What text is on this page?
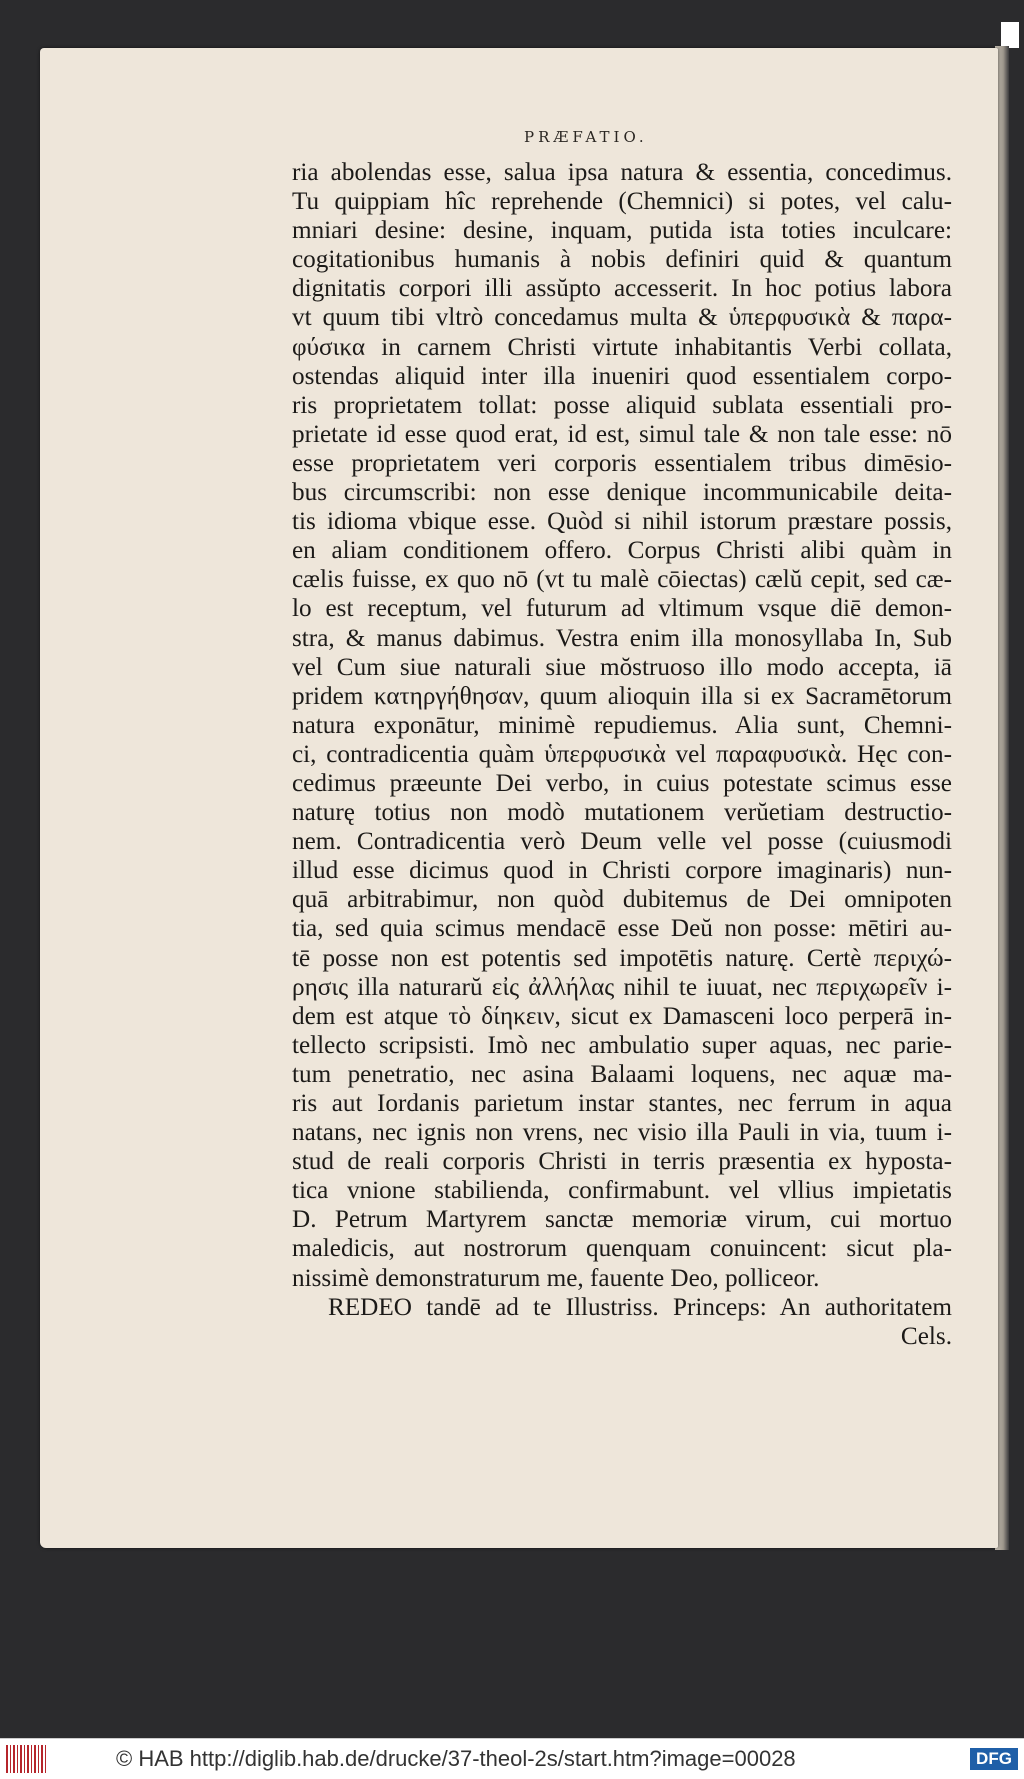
PRÆFATIO.
ria abolendas esse, salua ipsa natura & essentia, concedimus.
Tu quippiam hîc reprehende (Chemnici) si potes, vel calu-
mniari desine: desine, inquam, putida ista toties inculcare:
cogitationibus humanis à nobis definiri quid & quantum
dignitatis corpori illi assŭpto accesserit. In hoc potius labora
vt quum tibi vltrò concedamus multa & ὑπερφυσικὰ & παρα-
φύσικα in carnem Christi virtute inhabitantis Verbi collata,
ostendas aliquid inter illa inueniri quod essentialem corpo-
ris proprietatem tollat: posse aliquid sublata essentiali pro-
prietate id esse quod erat, id est, simul tale & non tale esse: nō
esse proprietatem veri corporis essentialem tribus dimēsio-
bus circumscribi: non esse denique incommunicabile deita-
tis idioma vbique esse. Quòd si nihil istorum præstare possis,
en aliam conditionem offero. Corpus Christi alibi quàm in
cælis fuisse, ex quo nō (vt tu malè cōiectas) cælŭ cepit, sed cæ-
lo est receptum, vel futurum ad vltimum vsque diē demon-
stra, & manus dabimus. Vestra enim illa monosyllaba In, Sub
vel Cum siue naturali siue mŏstruoso illo modo accepta, iā
pridem κατηργήθησαν, quum alioquin illa si ex Sacramētorum
natura exponātur, minimè repudiemus. Alia sunt, Chemni-
ci, contradicentia quàm ὑπερφυσικὰ vel παραφυσικὰ. Hęc con-
cedimus præeunte Dei verbo, in cuius potestate scimus esse
naturę totius non modò mutationem verŭetiam destructio-
nem. Contradicentia verò Deum velle vel posse (cuiusmodi
illud esse dicimus quod in Christi corpore imaginaris) nun-
quā arbitrabimur, non quòd dubitemus de Dei omnipoten
tia, sed quia scimus mendacē esse Deŭ non posse: mētiri au-
tē posse non est potentis sed impotētis naturę. Certè περιχώ-
ρησις illa naturarŭ εἰς ἀλλήλας nihil te iuuat, nec περιχωρεῖν i-
dem est atque τὸ δίηκειν, sicut ex Damasceni loco perperā in-
tellecto scripsisti. Imò nec ambulatio super aquas, nec parie-
tum penetratio, nec asina Balaami loquens, nec aquæ ma-
ris aut Iordanis parietum instar stantes, nec ferrum in aqua
natans, nec ignis non vrens, nec visio illa Pauli in via, tuum i-
stud de reali corporis Christi in terris præsentia ex hyposta-
tica vnione stabilienda, confirmabunt. vel vllius impietatis
D. Petrum Martyrem sanctæ memoriæ virum, cui mortuo
maledicis, aut nostrorum quenquam conuincent: sicut pla-
nissimè demonstraturum me, fauente Deo, polliceor.
REDEO tandē ad te Illustriss. Princeps: An authoritatem
Cels.
© HAB http://diglib.hab.de/drucke/37-theol-2s/start.htm?image=00028	DFG
